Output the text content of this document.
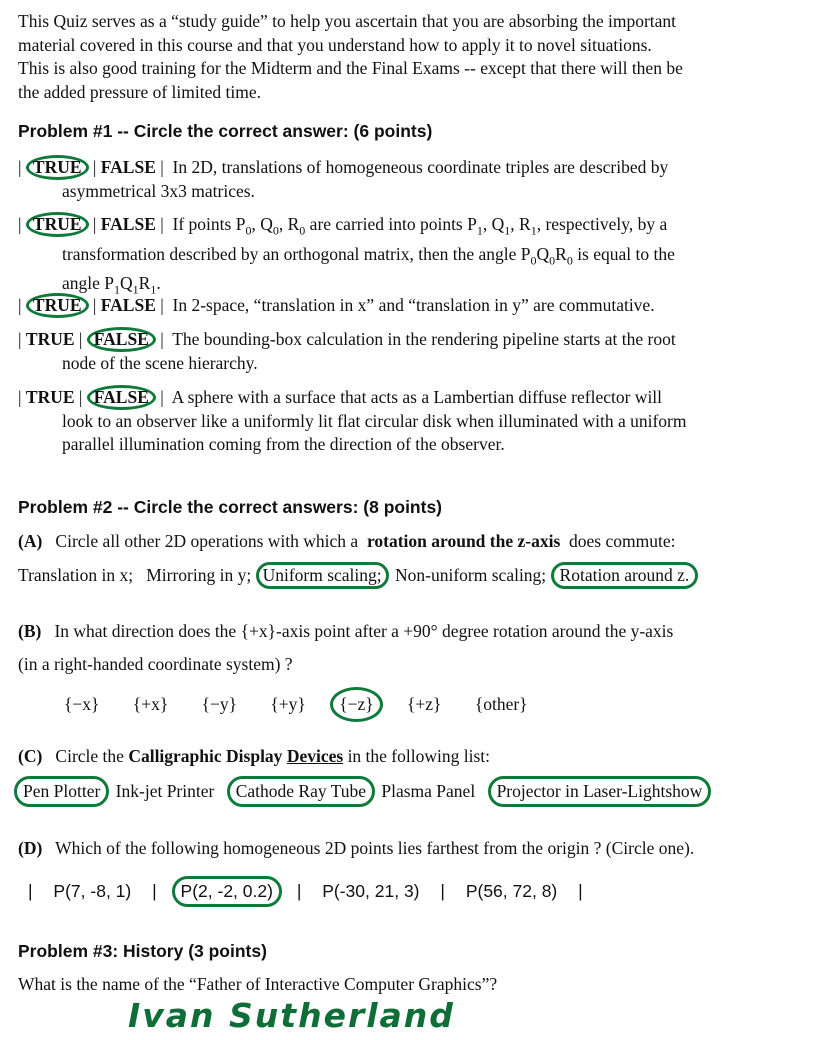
This Quiz serves as a “study guide” to help you ascertain that you are absorbing the important
material covered in this course and that you understand how to apply it to novel situations.
This is also good training for the Midterm and the Final Exams -- except that there will then be
the added pressure of limited time.
Problem #1 -- Circle the correct answer: (6 points)
| TRUE | FALSE | In 2D, translations of homogeneous coordinate triples are described by
asymmetrical 3x3 matrices.
| TRUE | FALSE | If points $P_0$, $Q_0$, $R_0$ are carried into points $P_1$, $Q_1$, $R_1$, respectively, by a
transformation described by an orthogonal matrix, then the angle $P_0Q_0R_0$ is equal to the
angle $P_1Q_1R_1$.
| TRUE | FALSE | In 2-space, “translation in x” and “translation in y” are commutative.
| TRUE | FALSE | The bounding-box calculation in the rendering pipeline starts at the root
node of the scene hierarchy.
| TRUE | FALSE | A sphere with a surface that acts as a Lambertian diffuse reflector will
look to an observer like a uniformly lit flat circular disk when illuminated with a uniform
parallel illumination coming from the direction of the observer.
Problem #2 -- Circle the correct answers: (8 points)
(A) Circle all other 2D operations with which a rotation around the z-axis does commute:
Translation in x; Mirroring in y; Uniform scaling; Non-uniform scaling; Rotation around z.
(B) In what direction does the {+x}-axis point after a +90° degree rotation around the y-axis
(in a right-handed coordinate system) ?
{−x} {+x} {−y} {+y} {−z} {+z} {other}
(C) Circle the Calligraphic Display Devices in the following list:
Pen Plotter Ink-jet Printer Cathode Ray Tube Plasma Panel Projector in Laser-Lightshow
(D) Which of the following homogeneous 2D points lies farthest from the origin ? (Circle one).
| P(7, -8, 1) | P(2, -2, 0.2) | P(-30, 21, 3) | P(56, 72, 8) |
Problem #3: History (3 points)
What is the name of the “Father of Interactive Computer Graphics”?
Ivan Sutherland
